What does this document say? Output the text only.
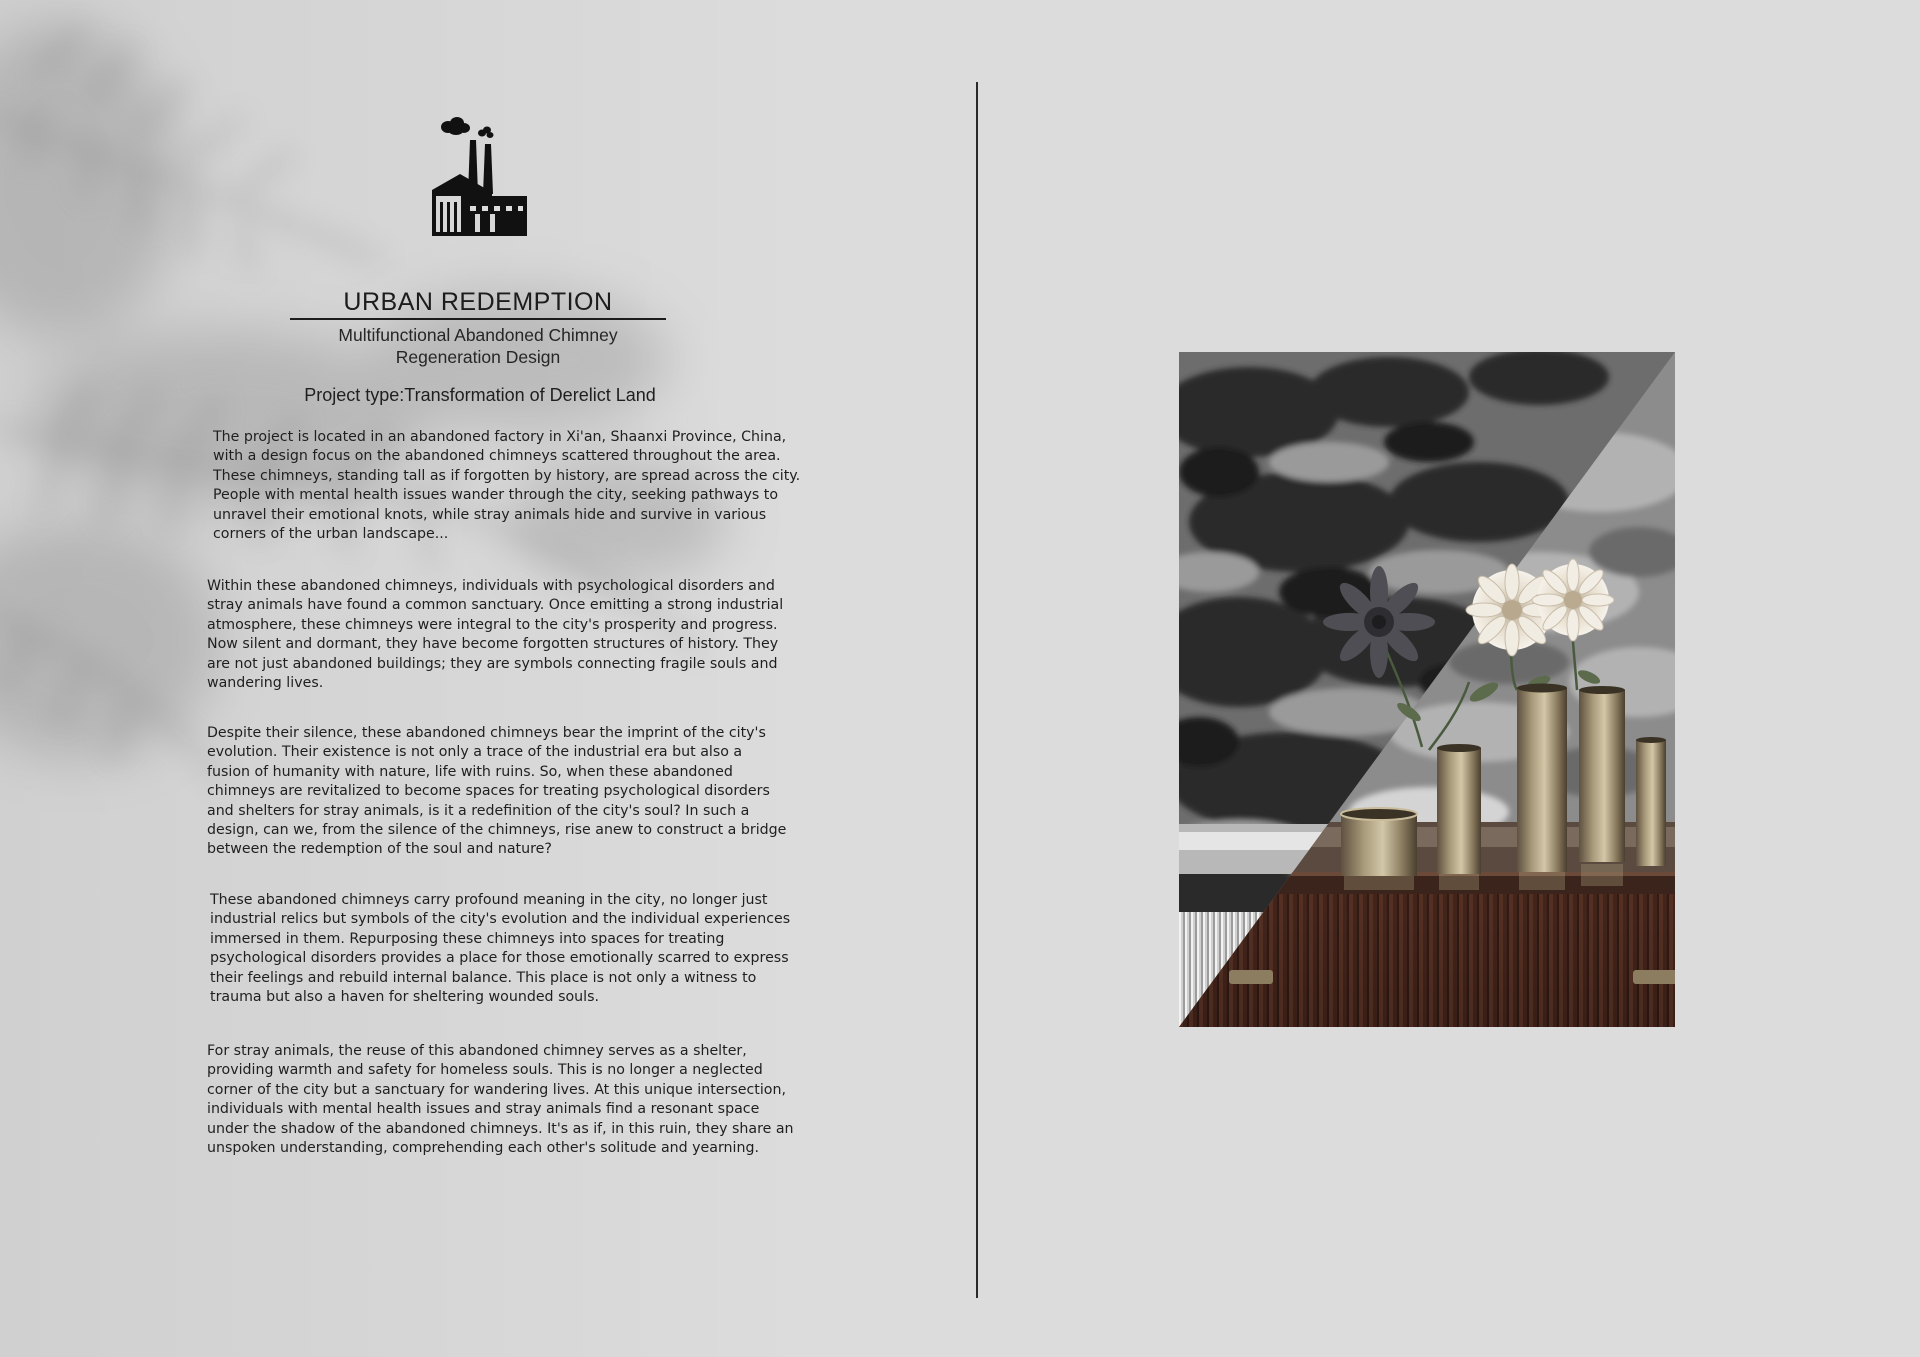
URBAN REDEMPTION
Multifunctional Abandoned Chimney Regeneration Design
Project type:Transformation of Derelict Land

The project is located in an abandoned factory in Xi'an, Shaanxi Province, China, with a design focus on the abandoned chimneys scattered throughout the area. These chimneys, standing tall as if forgotten by history, are spread across the city. People with mental health issues wander through the city, seeking pathways to unravel their emotional knots, while stray animals hide and survive in various corners of the urban landscape...

Within these abandoned chimneys, individuals with psychological disorders and stray animals have found a common sanctuary. Once emitting a strong industrial atmosphere, these chimneys were integral to the city's prosperity and progress. Now silent and dormant, they have become forgotten structures of history. They are not just abandoned buildings; they are symbols connecting fragile souls and wandering lives.

Despite their silence, these abandoned chimneys bear the imprint of the city's evolution. Their existence is not only a trace of the industrial era but also a fusion of humanity with nature, life with ruins. So, when these abandoned chimneys are revitalized to become spaces for treating psychological disorders and shelters for stray animals, is it a redefinition of the city's soul? In such a design, can we, from the silence of the chimneys, rise anew to construct a bridge between the redemption of the soul and nature?

These abandoned chimneys carry profound meaning in the city, no longer just industrial relics but symbols of the city's evolution and the individual experiences immersed in them. Repurposing these chimneys into spaces for treating psychological disorders provides a place for those emotionally scarred to express their feelings and rebuild internal balance. This place is not only a witness to trauma but also a haven for sheltering wounded souls.

For stray animals, the reuse of this abandoned chimney serves as a shelter, providing warmth and safety for homeless souls. This is no longer a neglected corner of the city but a sanctuary for wandering lives. At this unique intersection, individuals with mental health issues and stray animals find a resonant space under the shadow of the abandoned chimneys. It's as if, in this ruin, they share an unspoken understanding, comprehending each other's solitude and yearning.
